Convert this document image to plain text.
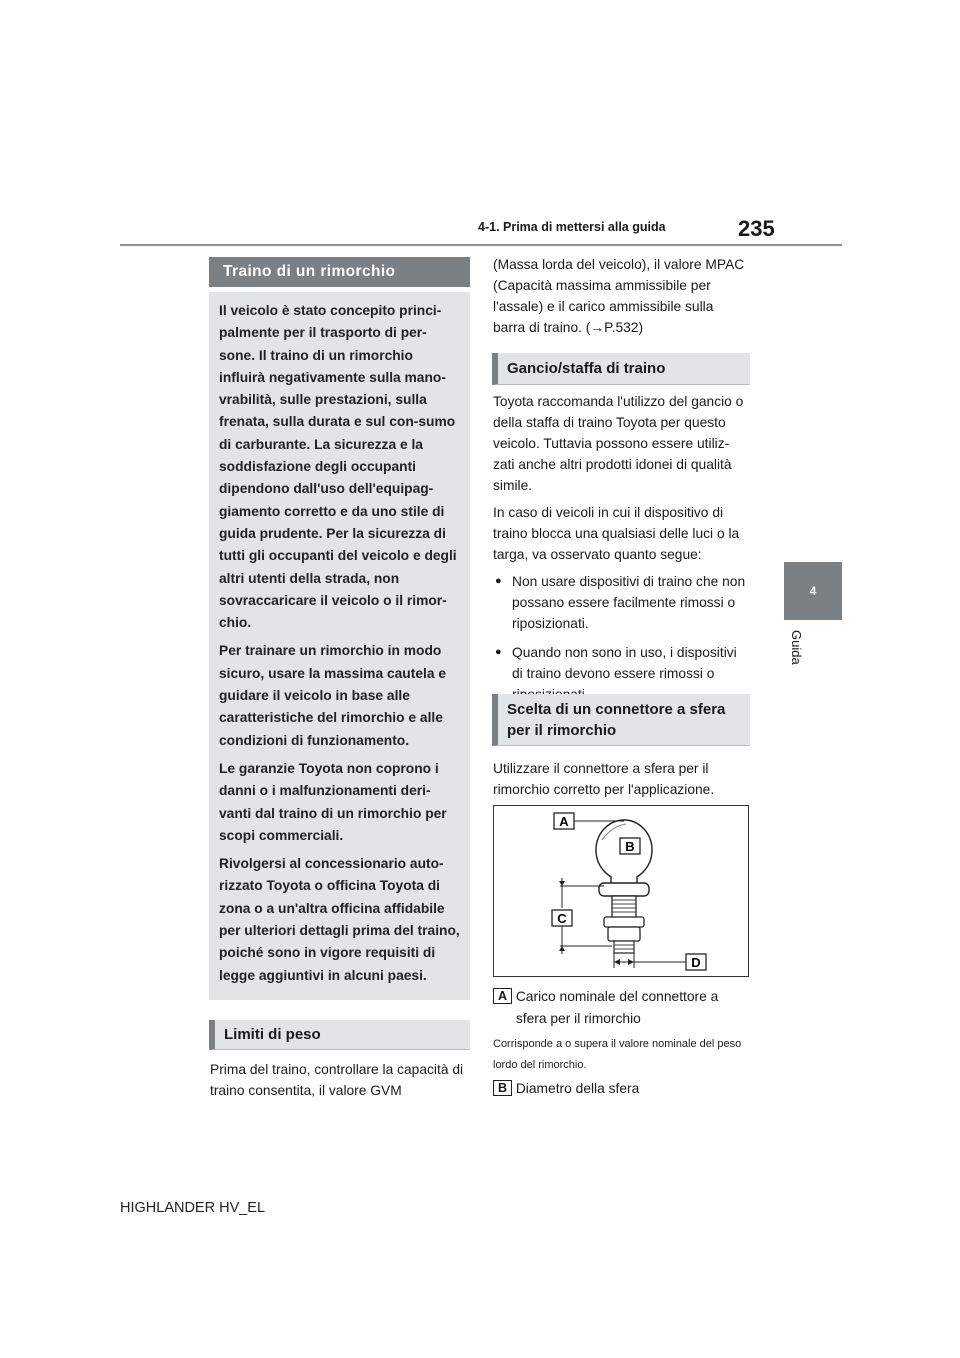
4-1. Prima di mettersi alla guida	235
4
Guida
Traino di un rimorchio

Il veicolo è stato concepito princi-palmente per il trasporto di per-sone. Il traino di un rimorchio influirà negativamente sulla mano-vrabilità, sulle prestazioni, sulla frenata, sulla durata e sul con-sumo di carburante. La sicurezza e la soddisfazione degli occupanti dipendono dall'uso dell'equipag-giamento corretto e da uno stile di guida prudente. Per la sicurezza di tutti gli occupanti del veicolo e degli altri utenti della strada, non sovraccaricare il veicolo o il rimor-chio.

Per trainare un rimorchio in modo sicuro, usare la massima cautela e guidare il veicolo in base alle caratteristiche del rimorchio e alle condizioni di funzionamento.

Le garanzie Toyota non coprono i danni o i malfunzionamenti deri-vanti dal traino di un rimorchio per scopi commerciali.

Rivolgersi al concessionario auto-rizzato Toyota o officina Toyota di zona o a un'altra officina affidabile per ulteriori dettagli prima del traino, poiché sono in vigore requisiti di legge aggiuntivi in alcuni paesi.

Limiti di peso
Prima del traino, controllare la capacità di traino consentita, il valore GVM
(Massa lorda del veicolo), il valore MPAC (Capacità massima ammissibile per l'assale) e il carico ammissibile sulla barra di traino. (→P.532)
Gancio/staffa di traino

Toyota raccomanda l'utilizzo del gancio o della staffa di traino Toyota per questo veicolo. Tuttavia possono essere utiliz-zati anche altri prodotti idonei di qualità simile.

In caso di veicoli in cui il dispositivo di traino blocca una qualsiasi delle luci o la targa, va osservato quanto segue:

● Non usare dispositivi di traino che non possano essere facilmente rimossi o riposizionati.
● Quando non sono in uso, i dispositivi di traino devono essere rimossi o
Scelta di un connettore a sfera per il rimorchio
Utilizzare il connettore a sfera per il rimorchio corretto per l'applicazione.
A
B
C
D
A Carico nominale del connettore a sfera per il rimorchio
Corrisponde a o supera il valore nominale del peso lordo del rimorchio.
B Diametro della sfera
HIGHLANDER HV_EL
